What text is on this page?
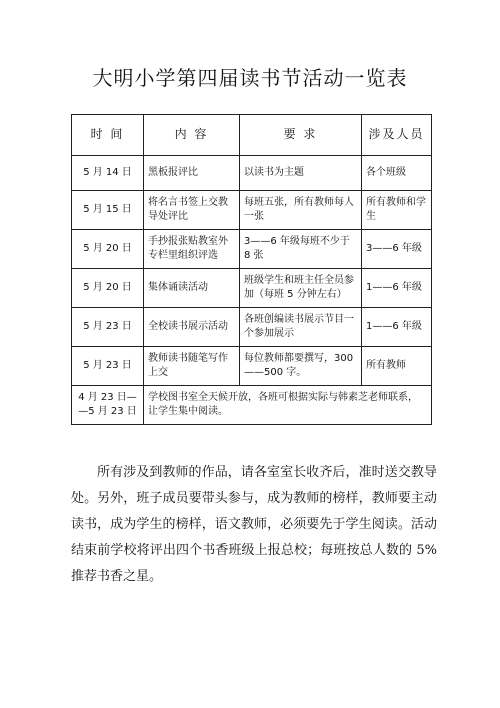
大明小学第四届读书节活动一览表
时 间	内 容	要 求	涉及人员
5 月 14 日	黑板报评比	以读书为主题	各个班级
5 月 15 日	将名言书签上交教导处评比	每班五张，所有教师每人一张	所有教师和学生
5 月 20 日	手抄报张贴教室外专栏里组织评选	3——6 年级每班不少于 8 张	3——6 年级
5 月 20 日	集体诵读活动	班级学生和班主任全员参加（每班 5 分钟左右）	1——6 年级
5 月 23 日	全校读书展示活动	各班创编读书展示节目一个参加展示	1——6 年级
5 月 23 日	教师读书随笔写作上交	每位教师都要撰写，300——500 字。	所有教师

4 月 23 日—
—5 月 23 日	学校图书室全天候开放，各班可根据实际与韩素芝老师联系，让学生集中阅读。		
所有涉及到教师的作品，请各室室长收齐后，准时送交教导处。另外，班子成员要带头参与，成为教师的榜样，教师要主动读书，成为学生的榜样，语文教师，必须要先于学生阅读。活动结束前学校将评出四个书香班级上报总校；每班按总人数的 5%推荐书香之星。
